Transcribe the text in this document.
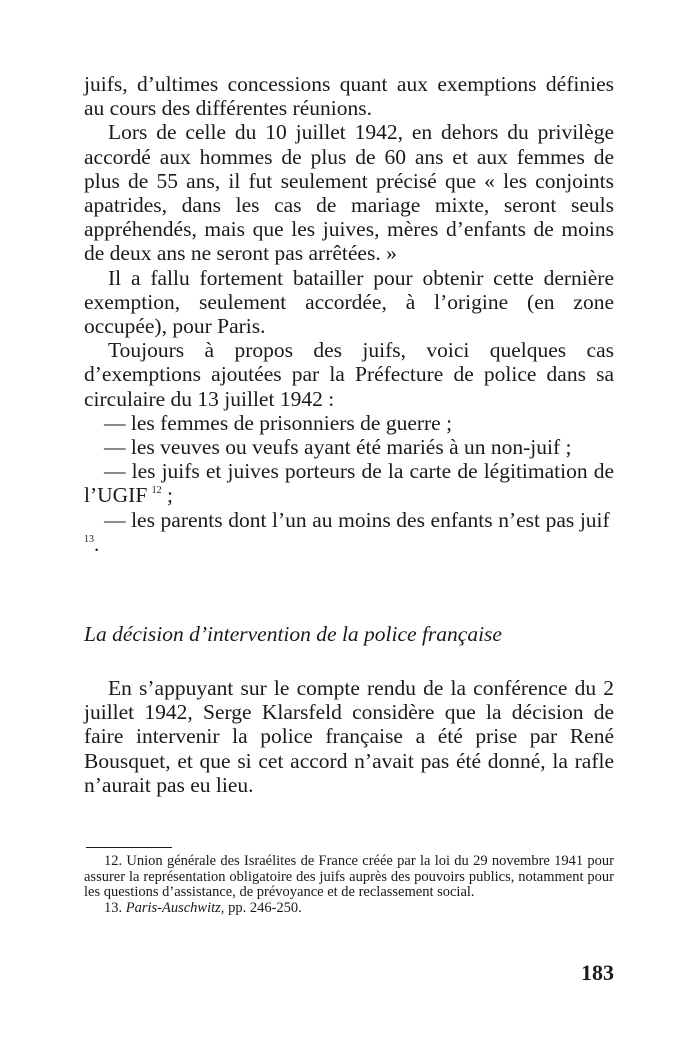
juifs, d’ultimes concessions quant aux exemptions définies au cours des différentes réunions.

Lors de celle du 10 juillet 1942, en dehors du privilège accordé aux hommes de plus de 60 ans et aux femmes de plus de 55 ans, il fut seulement précisé que « les conjoints apatrides, dans les cas de mariage mixte, seront seuls appréhendés, mais que les juives, mères d’enfants de moins de deux ans ne seront pas arrêtées. »

Il a fallu fortement batailler pour obtenir cette dernière exemption, seulement accordée, à l’origine (en zone occupée), pour Paris.

Toujours à propos des juifs, voici quelques cas d’exemptions ajoutées par la Préfecture de police dans sa circulaire du 13 juillet 1942 :

— les femmes de prisonniers de guerre ;

— les veuves ou veufs ayant été mariés à un non-juif ;

— les juifs et juives porteurs de la carte de légitimation de l’UGIF  $^{12}$ ;

— les parents dont l’un au moins des enfants n’est pas juif $^{13}$.

La décision d’intervention de la police française

En s’appuyant sur le compte rendu de la conférence du 2 juillet 1942, Serge Klarsfeld considère que la décision de faire intervenir la police française a été prise par René Bousquet, et que si cet accord n’avait pas été donné, la rafle n’aurait pas eu lieu.

12. Union générale des Israélites de France créée par la loi du 29 novembre 1941 pour assurer la représentation obligatoire des juifs auprès des pouvoirs publics, notamment pour les questions d’assistance, de prévoyance et de reclassement social.

13. Paris-Auschwitz, pp. 246-250.

183
